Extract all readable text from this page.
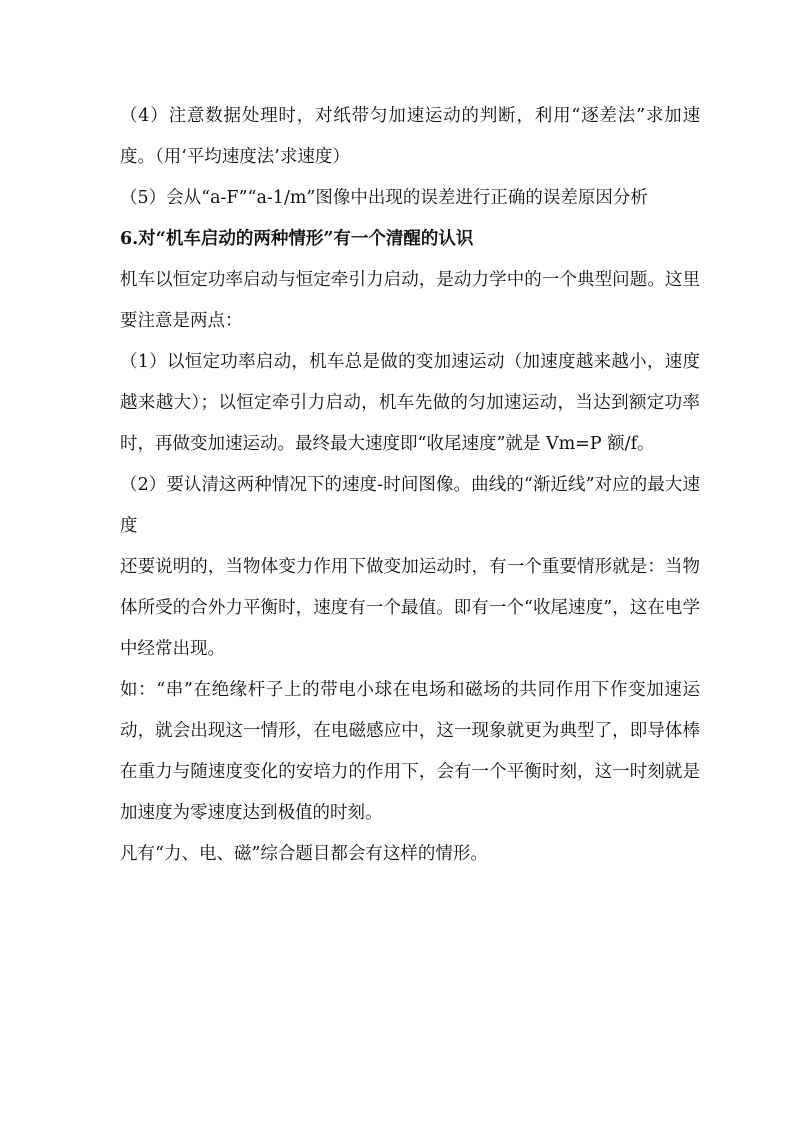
（4）注意数据处理时，对纸带匀加速运动的判断，利用“逐差法”求加速度。（用‘平均速度法’求速度）

（5）会从“a-F”“a-1/m”图像中出现的误差进行正确的误差原因分析

6.对“机车启动的两种情形”有一个清醒的认识

机车以恒定功率启动与恒定牵引力启动，是动力学中的一个典型问题。这里要注意是两点：

（1）以恒定功率启动，机车总是做的变加速运动（加速度越来越小，速度越来越大）；以恒定牵引力启动，机车先做的匀加速运动，当达到额定功率时，再做变加速运动。最终最大速度即“收尾速度”就是 Vm=P 额/f。

（2）要认清这两种情况下的速度-时间图像。曲线的“渐近线”对应的最大速度

还要说明的，当物体变力作用下做变加运动时，有一个重要情形就是：当物体所受的合外力平衡时，速度有一个最值。即有一个“收尾速度”，这在电学中经常出现。

如：“串”在绝缘杆子上的带电小球在电场和磁场的共同作用下作变加速运动，就会出现这一情形，在电磁感应中，这一现象就更为典型了，即导体棒在重力与随速度变化的安培力的作用下，会有一个平衡时刻，这一时刻就是加速度为零速度达到极值的时刻。

凡有“力、电、磁”综合题目都会有这样的情形。
